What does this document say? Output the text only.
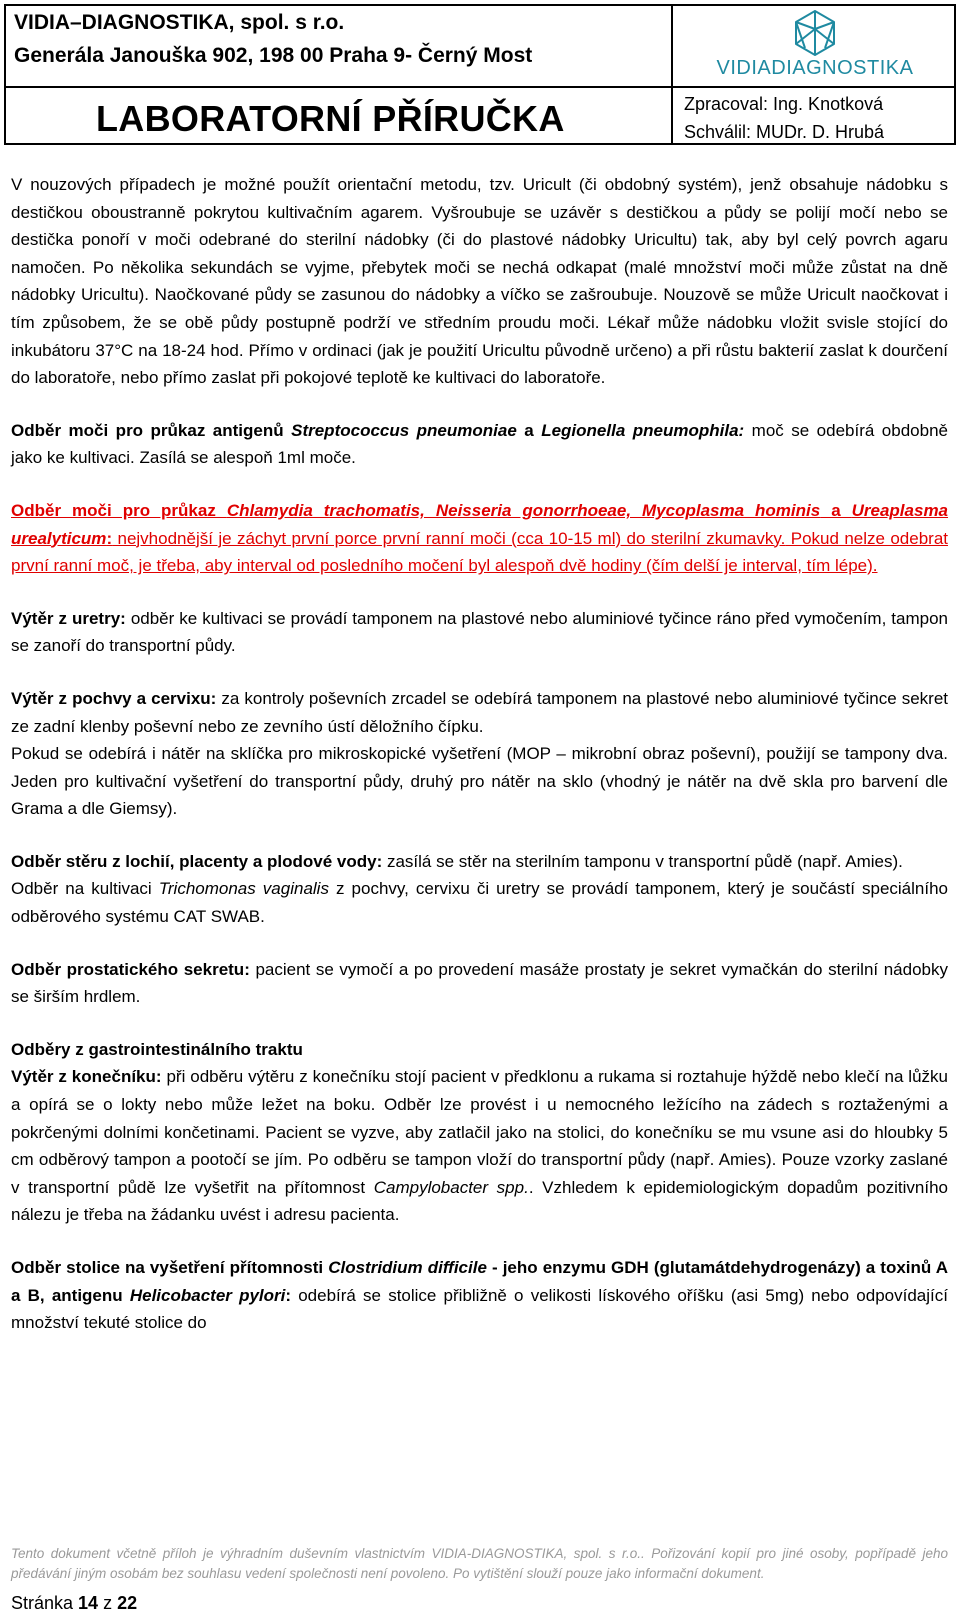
VIDIA–DIAGNOSTIKA, spol. s r.o.
Generála Janouška 902, 198 00 Praha 9- Černý Most
LABORATORNÍ PŘÍRUČKA
VIDIADIAGNOSTIKA
Zpracoval: Ing. Knotková
Schválil: MUDr. D. Hrubá

V nouzových případech je možné použít orientační metodu, tzv. Uricult (či obdobný systém), jenž obsahuje nádobku s destičkou oboustranně pokrytou kultivačním agarem. Vyšroubuje se uzávěr s destičkou a půdy se polijí močí nebo se destička ponoří v moči odebrané do sterilní nádobky (či do plastové nádobky Uricultu) tak, aby byl celý povrch agaru namočen. Po několika sekundách se vyjme, přebytek moči se nechá odkapat (malé množství moči může zůstat na dně nádobky Uricultu). Naočkované půdy se zasunou do nádobky a víčko se zašroubuje. Nouzově se může Uricult naočkovat i tím způsobem, že se obě půdy postupně podrží ve středním proudu moči. Lékař může nádobku vložit svisle stojící do inkubátoru 37°C na 18-24 hod. Přímo v ordinaci (jak je použití Uricultu původně určeno) a při růstu bakterií zaslat k dourčení do laboratoře, nebo přímo zaslat při pokojové teplotě ke kultivaci do laboratoře.

Odběr moči pro průkaz antigenů Streptococcus pneumoniae a Legionella pneumophila: moč se odebírá obdobně jako ke kultivaci. Zasílá se alespoň 1ml moče.

Odběr moči pro průkaz Chlamydia trachomatis, Neisseria gonorrhoeae, Mycoplasma hominis a Ureaplasma urealyticum: nejvhodnější je záchyt první porce první ranní moči (cca 10-15 ml) do sterilní zkumavky. Pokud nelze odebrat první ranní moč, je třeba, aby interval od posledního močení byl alespoň dvě hodiny (čím delší je interval, tím lépe).

Výtěr z uretry: odběr ke kultivaci se provádí tamponem na plastové nebo aluminiové tyčince ráno před vymočením, tampon se zanoří do transportní půdy.

Výtěr z pochvy a cervixu: za kontroly poševních zrcadel se odebírá tamponem na plastové nebo aluminiové tyčince sekret ze zadní klenby poševní nebo ze zevního ústí děložního čípku.

Pokud se odebírá i nátěr na sklíčka pro mikroskopické vyšetření (MOP – mikrobní obraz poševní), použijí se tampony dva. Jeden pro kultivační vyšetření do transportní půdy, druhý pro nátěr na sklo (vhodný je nátěr na dvě skla pro barvení dle Grama a dle Giemsy).

Odběr stěru z lochií, placenty a plodové vody: zasílá se stěr na sterilním tamponu v transportní půdě (např. Amies).

Odběr na kultivaci Trichomonas vaginalis z pochvy, cervixu či uretry se provádí tamponem, který je součástí speciálního odběrového systému CAT SWAB.

Odběr prostatického sekretu: pacient se vymočí a po provedení masáže prostaty je sekret vymačkán do sterilní nádobky se širším hrdlem.

Odběry z gastrointestinálního traktu

Výtěr z konečníku: při odběru výtěru z konečníku stojí pacient v předklonu a rukama si roztahuje hýždě nebo klečí na lůžku a opírá se o lokty nebo může ležet na boku. Odběr lze provést i u nemocného ležícího na zádech s roztaženými a pokrčenými dolními končetinami. Pacient se vyzve, aby zatlačil jako na stolici, do konečníku se mu vsune asi do hloubky 5 cm odběrový tampon a pootočí se jím. Po odběru se tampon vloží do transportní půdy (např. Amies). Pouze vzorky zaslané v transportní půdě lze vyšetřit na přítomnost Campylobacter spp.. Vzhledem k epidemiologickým dopadům pozitivního nálezu je třeba na žádanku uvést i adresu pacienta.

Odběr stolice na vyšetření přítomnosti Clostridium difficile - jeho enzymu GDH (glutamátdehydrogenázy) a toxinů A a B, antigenu Helicobacter pylori: odebírá se stolice přibližně o velikosti lískového oříšku (asi 5mg) nebo odpovídající množství tekuté stolice do

Tento dokument včetně příloh je výhradním duševním vlastnictvím VIDIA-DIAGNOSTIKA, spol. s r.o.. Pořizování kopií pro jiné osoby, popřípadě jeho předávání jiným osobám bez souhlasu vedení společnosti není povoleno. Po vytištění slouží pouze jako informační dokument.
Stránka 14 z 22
